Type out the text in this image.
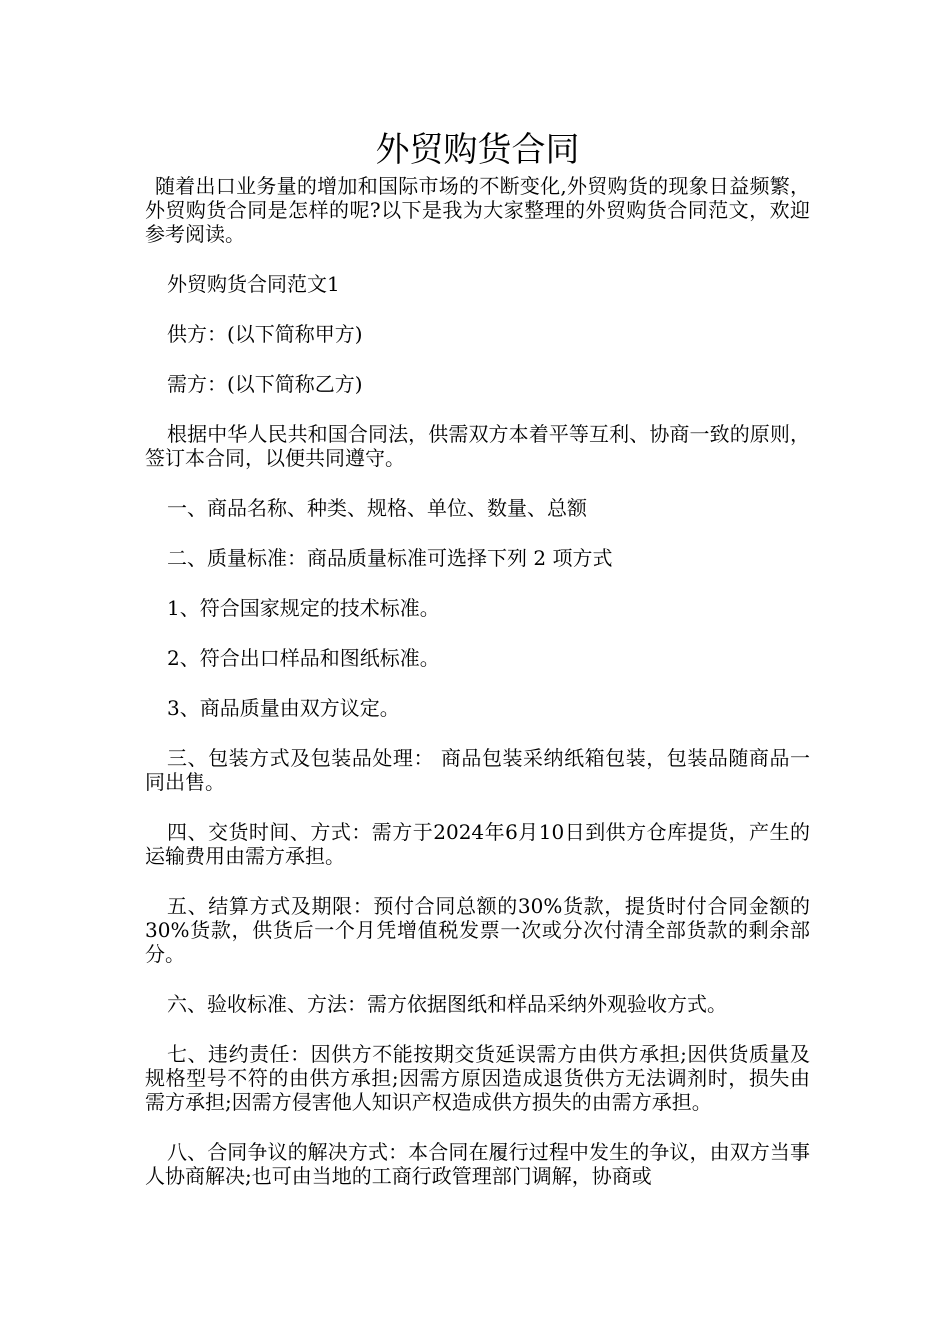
外贸购货合同

随着出口业务量的增加和国际市场的不断变化,外贸购货的现象日益频繁，外贸购货合同是怎样的呢?以下是我为大家整理的外贸购货合同范文，欢迎参考阅读。

外贸购货合同范文1

供方：(以下简称甲方)

需方：(以下简称乙方)

根据中华人民共和国合同法，供需双方本着平等互利、协商一致的原则，签订本合同，以便共同遵守。

一、商品名称、种类、规格、单位、数量、总额

二、质量标准：商品质量标准可选择下列 2 项方式

1、符合国家规定的技术标准。

2、符合出口样品和图纸标准。

3、商品质量由双方议定。

三、包装方式及包装品处理： 商品包装采纳纸箱包装，包装品随商品一同出售。

四、交货时间、方式：需方于2024年6月10日到供方仓库提货，产生的运输费用由需方承担。

五、结算方式及期限：预付合同总额的30%货款，提货时付合同金额的30%货款，供货后一个月凭增值税发票一次或分次付清全部货款的剩余部分。

六、验收标准、方法：需方依据图纸和样品采纳外观验收方式。

七、违约责任：因供方不能按期交货延误需方由供方承担;因供货质量及规格型号不符的由供方承担;因需方原因造成退货供方无法调剂时，损失由需方承担;因需方侵害他人知识产权造成供方损失的由需方承担。

八、合同争议的解决方式：本合同在履行过程中发生的争议，由双方当事人协商解决;也可由当地的工商行政管理部门调解，协商或
